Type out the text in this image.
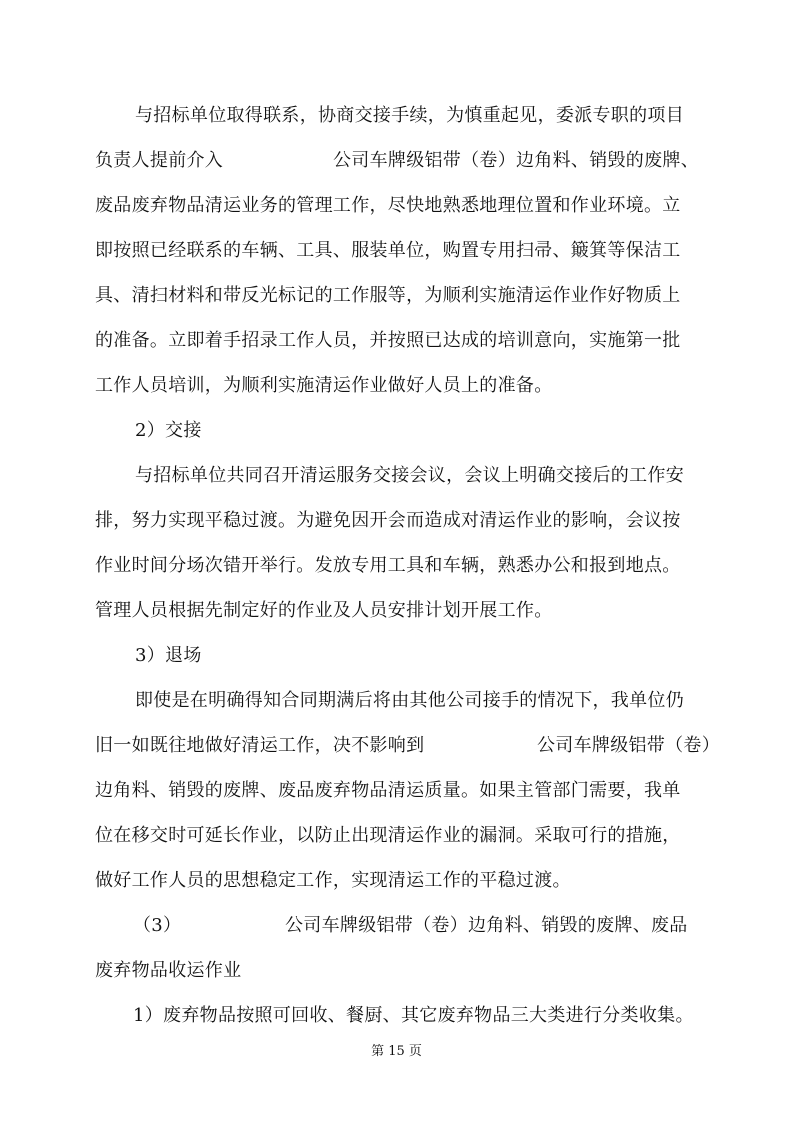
与招标单位取得联系，协商交接手续，为慎重起见，委派专职的项目
负责人提前介入	公司车牌级铝带（卷）边角料、销毁的废牌、
废品废弃物品清运业务的管理工作，尽快地熟悉地理位置和作业环境。立
即按照已经联系的车辆、工具、服装单位，购置专用扫帚、簸箕等保洁工
具、清扫材料和带反光标记的工作服等，为顺利实施清运作业作好物质上
的准备。立即着手招录工作人员，并按照已达成的培训意向，实施第一批
工作人员培训，为顺利实施清运作业做好人员上的准备。
2）交接
与招标单位共同召开清运服务交接会议，会议上明确交接后的工作安
排，努力实现平稳过渡。为避免因开会而造成对清运作业的影响，会议按
作业时间分场次错开举行。发放专用工具和车辆，熟悉办公和报到地点。
管理人员根据先制定好的作业及人员安排计划开展工作。
3）退场
即使是在明确得知合同期满后将由其他公司接手的情况下，我单位仍
旧一如既往地做好清运工作，决不影响到	公司车牌级铝带（卷）
边角料、销毁的废牌、废品废弃物品清运质量。如果主管部门需要，我单
位在移交时可延长作业，以防止出现清运作业的漏洞。采取可行的措施，
做好工作人员的思想稳定工作，实现清运工作的平稳过渡。
（3）	公司车牌级铝带（卷）边角料、销毁的废牌、废品
废弃物品收运作业
1）废弃物品按照可回收、餐厨、其它废弃物品三大类进行分类收集。
第 15 页
